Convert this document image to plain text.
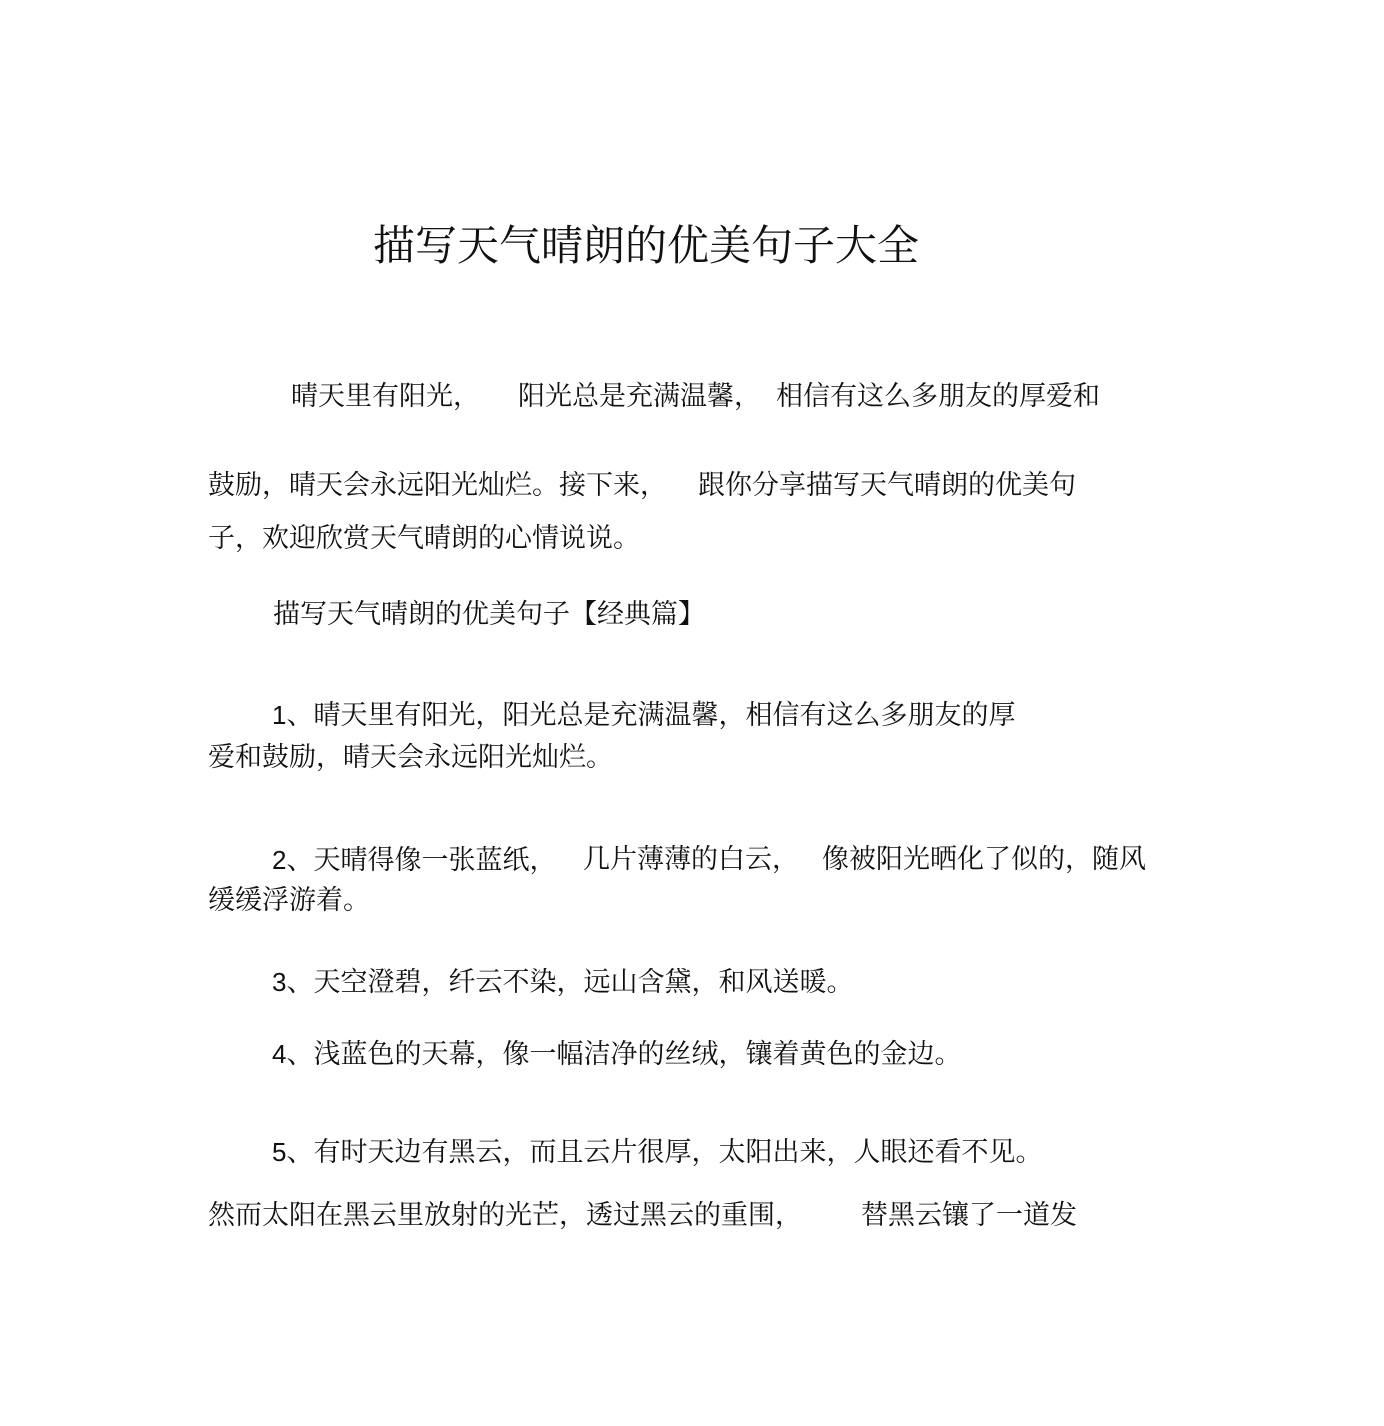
描写天气晴朗的优美句子大全
晴天里有阳光， 阳光总是充满温馨， 相信有这么多朋友的厚爱和
鼓励，晴天会永远阳光灿烂。接下来， 跟你分享描写天气晴朗的优美句
子，欢迎欣赏天气晴朗的心情说说。
描写天气晴朗的优美句子【经典篇】
1、晴天里有阳光，阳光总是充满温馨，相信有这么多朋友的厚
爱和鼓励，晴天会永远阳光灿烂。
2、天晴得像一张蓝纸， 几片薄薄的白云， 像被阳光晒化了似的，随风
缓缓浮游着。
3、天空澄碧，纤云不染，远山含黛，和风送暖。
4、浅蓝色的天幕，像一幅洁净的丝绒，镶着黄色的金边。
5、有时天边有黑云，而且云片很厚，太阳出来，人眼还看不见。
然而太阳在黑云里放射的光芒，透过黑云的重围， 替黑云镶了一道发
